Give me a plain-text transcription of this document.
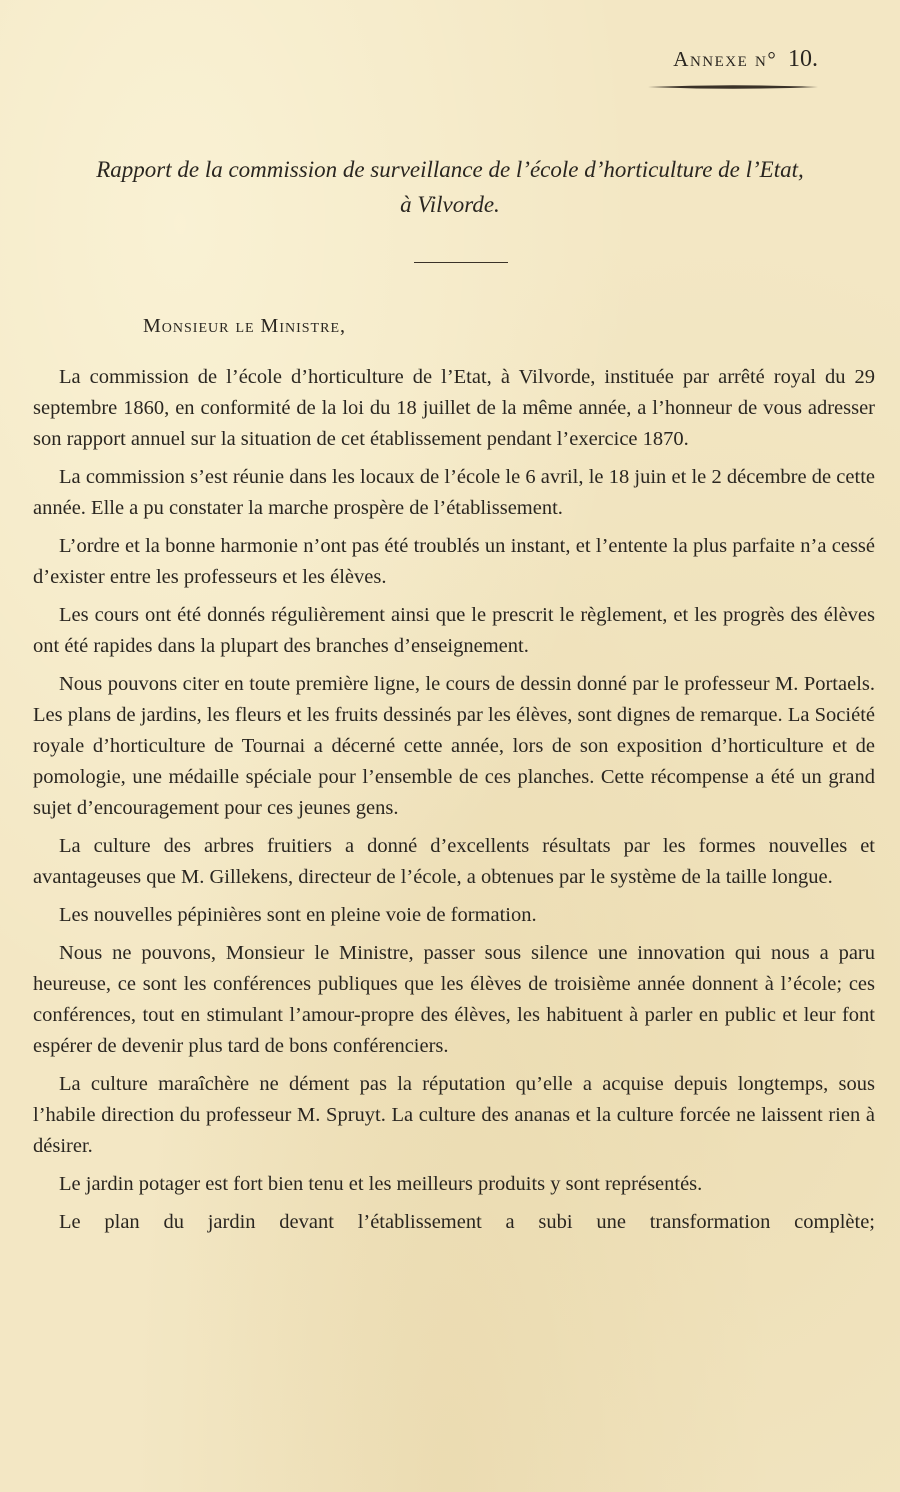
Annexe n° 10.
Rapport de la commission de surveillance de l’école d’horticulture de l’Etat,
à Vilvorde.
Monsieur le Ministre,

La commission de l’école d’horticulture de l’Etat, à Vilvorde, instituée par arrêté royal du 29 septembre 1860, en conformité de la loi du 18 juillet de la même année, a l’honneur de vous adresser son rapport annuel sur la situation de cet établissement pendant l’exercice 1870.

La commission s’est réunie dans les locaux de l’école le 6 avril, le 18 juin et le 2 décembre de cette année. Elle a pu constater la marche prospère de l’établissement.

L’ordre et la bonne harmonie n’ont pas été troublés un instant, et l’entente la plus parfaite n’a cessé d’exister entre les professeurs et les élèves.

Les cours ont été donnés régulièrement ainsi que le prescrit le règlement, et les progrès des élèves ont été rapides dans la plupart des branches d’enseignement.

Nous pouvons citer en toute première ligne, le cours de dessin donné par le professeur M. Portaels. Les plans de jardins, les fleurs et les fruits dessinés par les élèves, sont dignes de remarque. La Société royale d’horticulture de Tournai a décerné cette année, lors de son exposition d’horticulture et de pomologie, une médaille spéciale pour l’ensemble de ces planches. Cette récompense a été un grand sujet d’encouragement pour ces jeunes gens.

La culture des arbres fruitiers a donné d’excellents résultats par les formes nouvelles et avantageuses que M. Gillekens, directeur de l’école, a obtenues par le système de la taille longue.

Les nouvelles pépinières sont en pleine voie de formation.

Nous ne pouvons, Monsieur le Ministre, passer sous silence une innovation qui nous a paru heureuse, ce sont les conférences publiques que les élèves de troisième année donnent à l’école; ces conférences, tout en stimulant l’amour-propre des élèves, les habituent à parler en public et leur font espérer de devenir plus tard de bons conférenciers.

La culture maraîchère ne dément pas la réputation qu’elle a acquise depuis longtemps, sous l’habile direction du professeur M. Spruyt. La culture des ananas et la culture forcée ne laissent rien à désirer.

Le jardin potager est fort bien tenu et les meilleurs produits y sont représentés.

Le plan du jardin devant l’établissement a subi une transformation complète;
